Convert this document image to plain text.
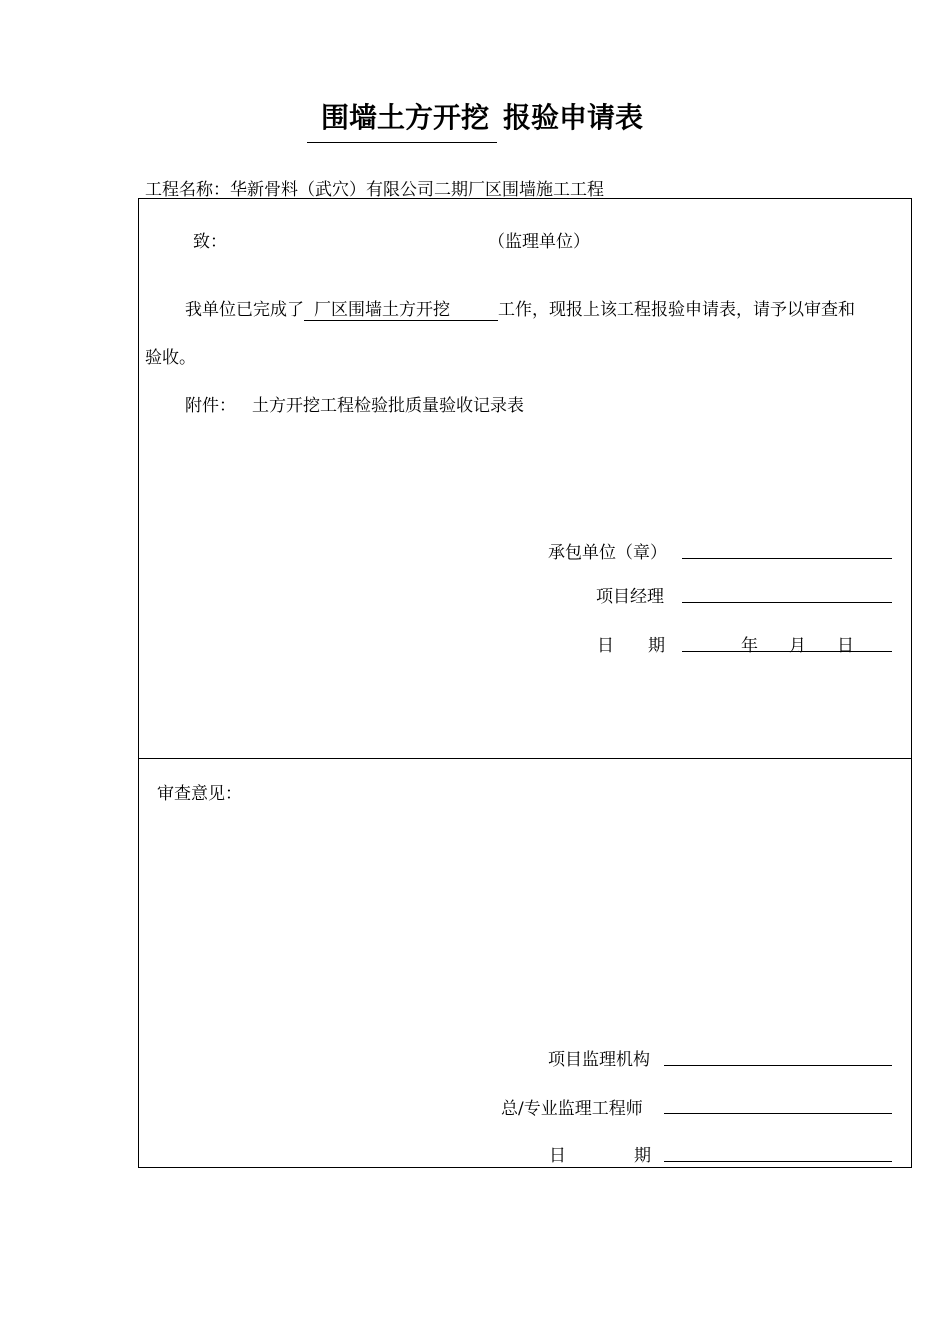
围墙土方开挖 报验申请表
工程名称：华新骨料（武穴）有限公司二期厂区围墙施工工程
致：	（监理单位）
我单位已完成了 厂区围墙土方开挖	工作，现报上该工程报验申请表，请予以审查和
验收。
附件： 土方开挖工程检验批质量验收记录表
承包单位（章）
项目经理
日　　期	年 月 日
审查意见：
项目监理机构
总/专业监理工程师
日　　　　期
